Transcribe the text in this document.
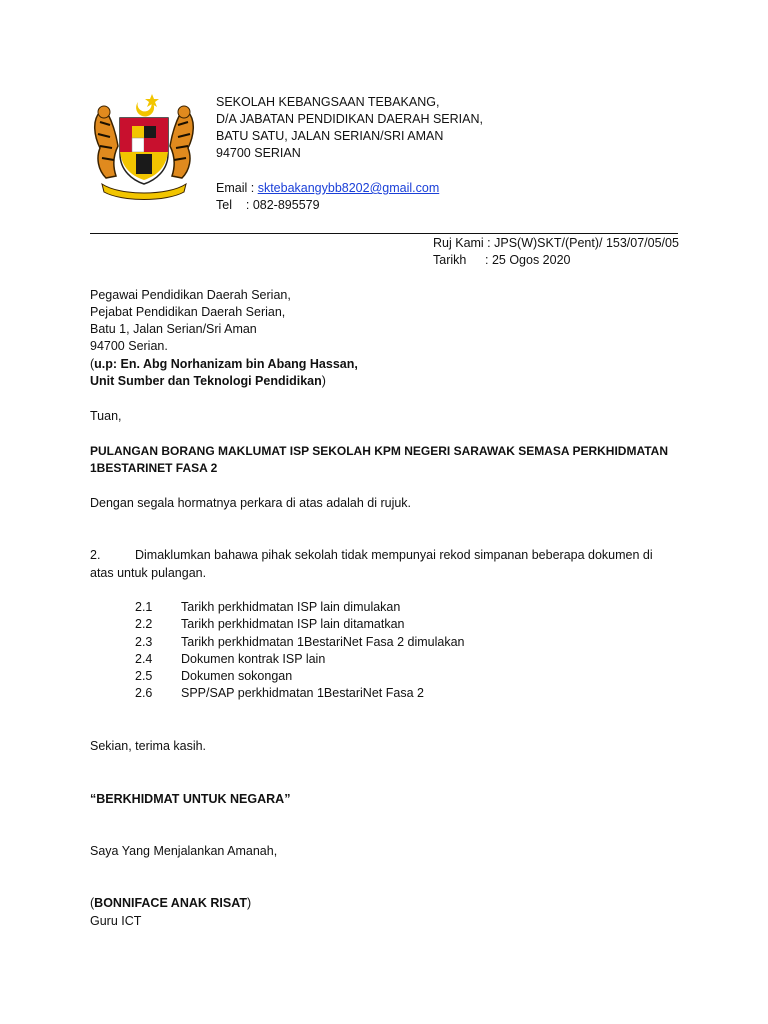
SEKOLAH KEBANGSAAN TEBAKANG,
D/A JABATAN PENDIDIKAN DAERAH SERIAN,
BATU SATU, JALAN SERIAN/SRI AMAN
94700 SERIAN
Email : sktebakangybb8202@gmail.com
Tel    : 082-895579
Ruj Kami : JPS(W)SKT/(Pent)/ 153/07/05/05
Tarikh : 25 Ogos 2020
Pegawai Pendidikan Daerah Serian,
Pejabat Pendidikan Daerah Serian,
Batu 1, Jalan Serian/Sri Aman
94700 Serian.
(u.p: En. Abg Norhanizam bin Abang Hassan,
Unit Sumber dan Teknologi Pendidikan)
Tuan,
PULANGAN BORANG MAKLUMAT ISP SEKOLAH KPM NEGERI SARAWAK SEMASA PERKHIDMATAN
1BESTARINET FASA 2
Dengan segala hormatnya perkara di atas adalah di rujuk.
2.	Dimaklumkan bahawa pihak sekolah tidak mempunyai rekod simpanan beberapa dokumen di
atas untuk pulangan.
2.1 Tarikh perkhidmatan ISP lain dimulakan
2.2 Tarikh perkhidmatan ISP lain ditamatkan
2.3 Tarikh perkhidmatan 1BestariNet Fasa 2 dimulakan
2.4 Dokumen kontrak ISP lain
2.5 Dokumen sokongan
2.6 SPP/SAP perkhidmatan 1BestariNet Fasa 2
Sekian, terima kasih.
“BERKHIDMAT UNTUK NEGARA”
Saya Yang Menjalankan Amanah,
(BONNIFACE ANAK RISAT)
Guru ICT
